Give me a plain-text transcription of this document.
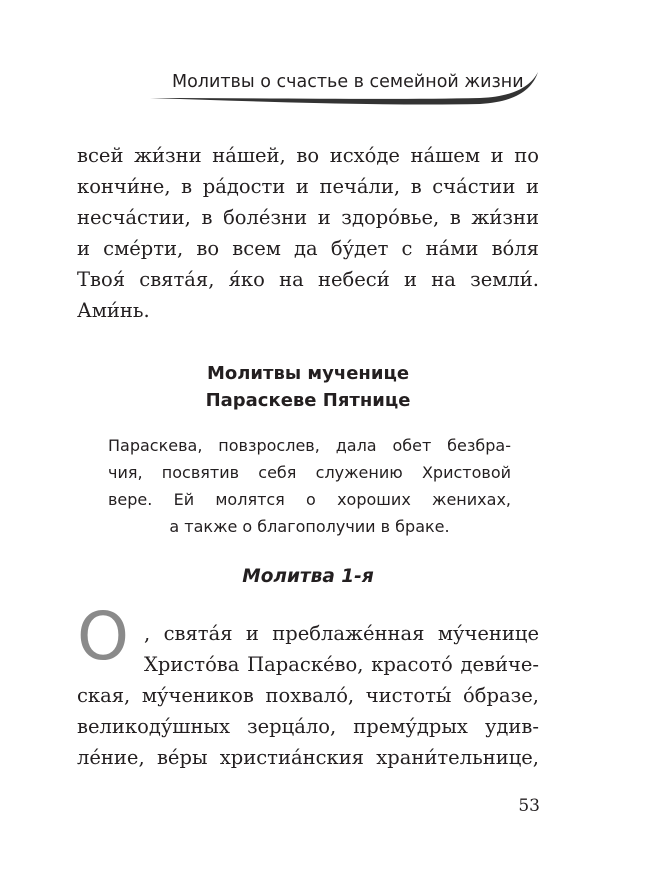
Молитвы о счастье в семейной жизни
всей жи́зни на́шей, во исхо́де на́шем и по
кончи́не, в ра́дости и печа́ли, в сча́стии и
несча́стии, в боле́зни и здоро́вье, в жи́зни
и сме́рти, во всем да бу́дет с на́ми во́ля
Твоя́ свята́я, я́ко на небеси́ и на земли́.
Ами́нь.
Молитвы мученице
Параскеве Пятнице
Параскева, повзрослев, дала обет безбра-
чия, посвятив себя служению Христовой
вере. Ей молятся о хороших женихах,
а также о благополучии в браке.
Молитва 1-я
О , свята́я и преблаже́нная му́ченице
Христо́ва Параске́во, красото́ деви́че-
ская, му́чеников похвало́, чистоты́ о́бразе,
великоду́шных зерца́ло, прему́дрых удив-
ле́ние, ве́ры христиа́нския храни́тельнице,
53
